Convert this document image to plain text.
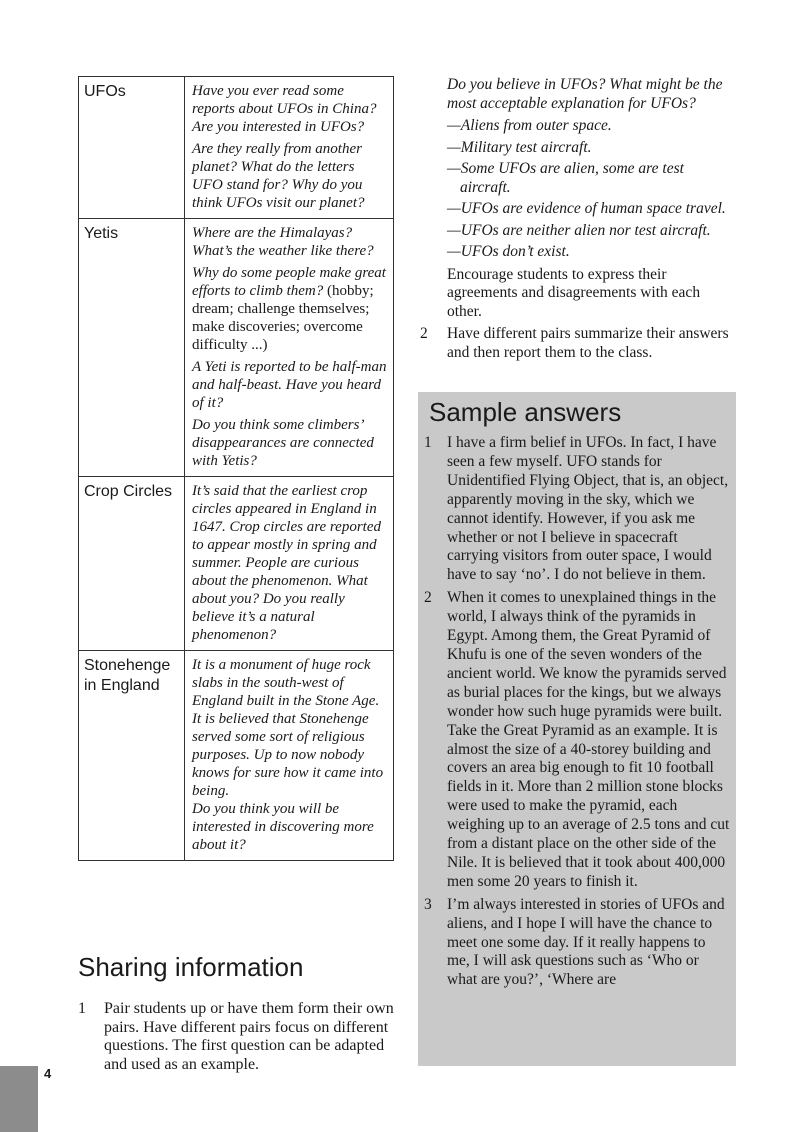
UFOs	Have you ever read some reports about UFOs in China? Are you interested in UFOs?

Are they really from another planet? What do the letters UFO stand for? Why do you think UFOs visit our planet?

Yetis	Where are the Himalayas? What’s the weather like there?

Why do some people make great efforts to climb them? (hobby; dream; challenge themselves; make discoveries; overcome difficulty ...)

A Yeti is reported to be half-man and half-beast. Have you heard of it?

Do you think some climbers’ disappearances are connected with Yetis?

Crop Circles	It’s said that the earliest crop circles appeared in England in 1647. Crop circles are reported to appear mostly in spring and summer. People are curious about the phenomenon. What about you? Do you really believe it’s a natural phenomenon?

Stonehenge in England	It is a monument of huge rock slabs in the south-west of England built in the Stone Age. It is believed that Stonehenge served some sort of religious purposes. Up to now nobody knows for sure how it came into being.

Do you think you will be interested in discovering more about it?

Sharing information
1 Pair students up or have them form their own pairs. Have different pairs focus on different questions. The first question can be adapted and used as an example.

Do you believe in UFOs? What might be the most acceptable explanation for UFOs?

—Aliens from outer space.
—Military test aircraft.
—Some UFOs are alien, some are test aircraft.
—UFOs are evidence of human space travel.
—UFOs are neither alien nor test aircraft.
—UFOs don’t exist.

Encourage students to express their agreements and disagreements with each other.

2 Have different pairs summarize their answers and then report them to the class.

Sample answers
1 I have a firm belief in UFOs. In fact, I have seen a few myself. UFO stands for Unidentified Flying Object, that is, an object, apparently moving in the sky, which we cannot identify. However, if you ask me whether or not I believe in spacecraft carrying visitors from outer space, I would have to say ‘no’. I do not believe in them.
2 When it comes to unexplained things in the world, I always think of the pyramids in Egypt. Among them, the Great Pyramid of Khufu is one of the seven wonders of the ancient world. We know the pyramids served as burial places for the kings, but we always wonder how such huge pyramids were built. Take the Great Pyramid as an example. It is almost the size of a 40-storey building and covers an area big enough to fit 10 football fields in it. More than 2 million stone blocks were used to make the pyramid, each weighing up to an average of 2.5 tons and cut from a distant place on the other side of the Nile. It is believed that it took about 400,000 men some 20 years to finish it.
3 I’m always interested in stories of UFOs and aliens, and I hope I will have the chance to meet one some day. If it really happens to me, I will ask questions such as ‘Who or what are you?’, ‘Where are
4
